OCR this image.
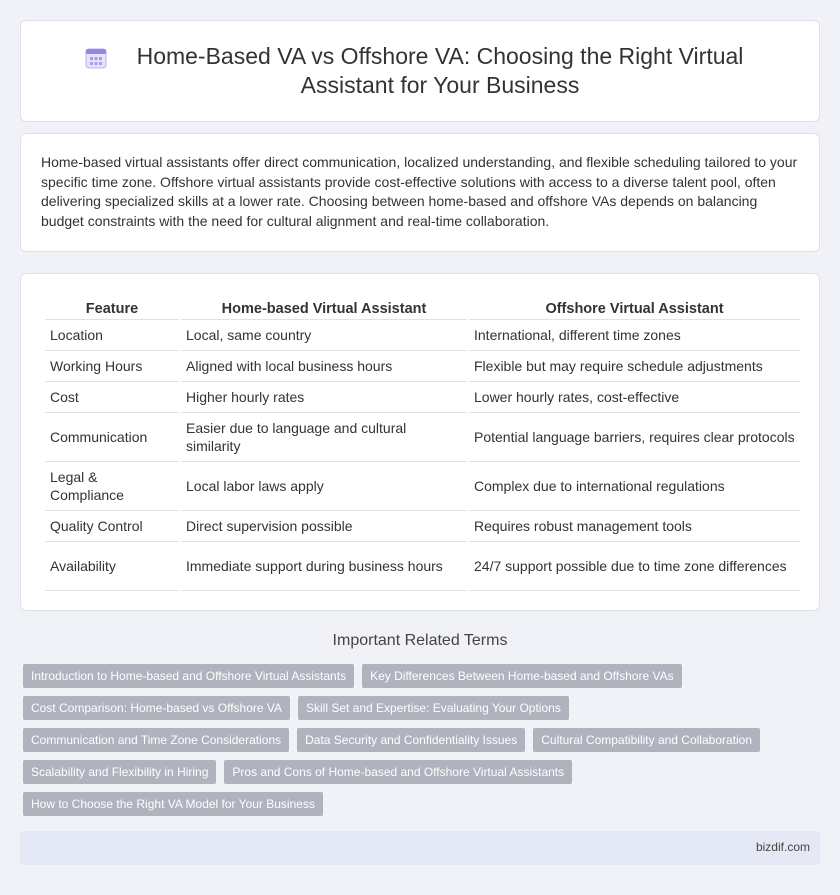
Home-Based VA vs Offshore VA: Choosing the Right Virtual Assistant for Your Business

Home-based virtual assistants offer direct communication, localized understanding, and flexible scheduling tailored to your specific time zone. Offshore virtual assistants provide cost-effective solutions with access to a diverse talent pool, often delivering specialized skills at a lower rate. Choosing between home-based and offshore VAs depends on balancing budget constraints with the need for cultural alignment and real-time collaboration.

Feature	Home-based Virtual Assistant	Offshore Virtual Assistant
Location	Local, same country	International, different time zones
Working Hours	Aligned with local business hours	Flexible but may require schedule adjustments
Cost	Higher hourly rates	Lower hourly rates, cost-effective
Communication	Easier due to language and cultural similarity	Potential language barriers, requires clear protocols
Legal & Compliance	Local labor laws apply	Complex due to international regulations
Quality Control	Direct supervision possible	Requires robust management tools
Availability	Immediate support during business hours	24/7 support possible due to time zone differences
Important Related Terms
Introduction to Home-based and Offshore Virtual Assistants	Key Differences Between Home-based and Offshore VAs
Cost Comparison: Home-based vs Offshore VA	Skill Set and Expertise: Evaluating Your Options
Communication and Time Zone Considerations	Data Security and Confidentiality Issues	Cultural Compatibility and Collaboration
Scalability and Flexibility in Hiring	Pros and Cons of Home-based and Offshore Virtual Assistants
How to Choose the Right VA Model for Your Business
bizdif.com
